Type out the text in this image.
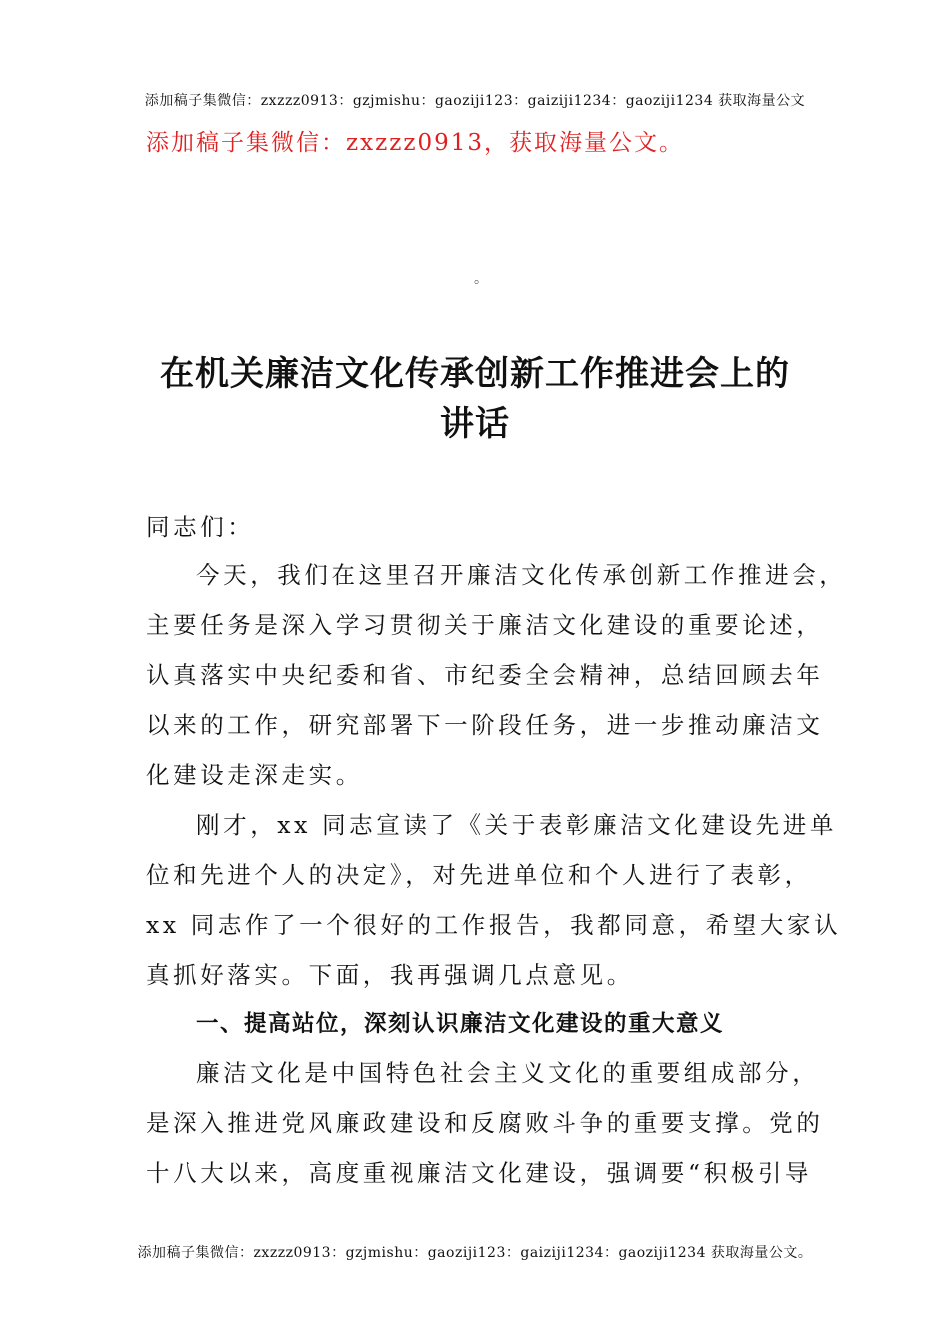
添加稿子集微信：zxzzz0913：gzjmishu：gaoziji123：gaiziji1234：gaoziji1234 获取海量公文
添加稿子集微信：zxzzz0913，获取海量公文。
。
在机关廉洁文化传承创新工作推进会上的
讲话
同志们：
今天，我们在这里召开廉洁文化传承创新工作推进会，
主要任务是深入学习贯彻关于廉洁文化建设的重要论述，
认真落实中央纪委和省、市纪委全会精神，总结回顾去年
以来的工作，研究部署下一阶段任务，进一步推动廉洁文
化建设走深走实。
刚才，xx 同志宣读了《关于表彰廉洁文化建设先进单
位和先进个人的决定》，对先进单位和个人进行了表彰，
xx 同志作了一个很好的工作报告，我都同意，希望大家认
真抓好落实。下面，我再强调几点意见。
一、提高站位，深刻认识廉洁文化建设的重大意义
廉洁文化是中国特色社会主义文化的重要组成部分，
是深入推进党风廉政建设和反腐败斗争的重要支撑。党的
十八大以来，高度重视廉洁文化建设，强调要“积极引导
添加稿子集微信：zxzzz0913：gzjmishu：gaoziji123：gaiziji1234：gaoziji1234 获取海量公文。
